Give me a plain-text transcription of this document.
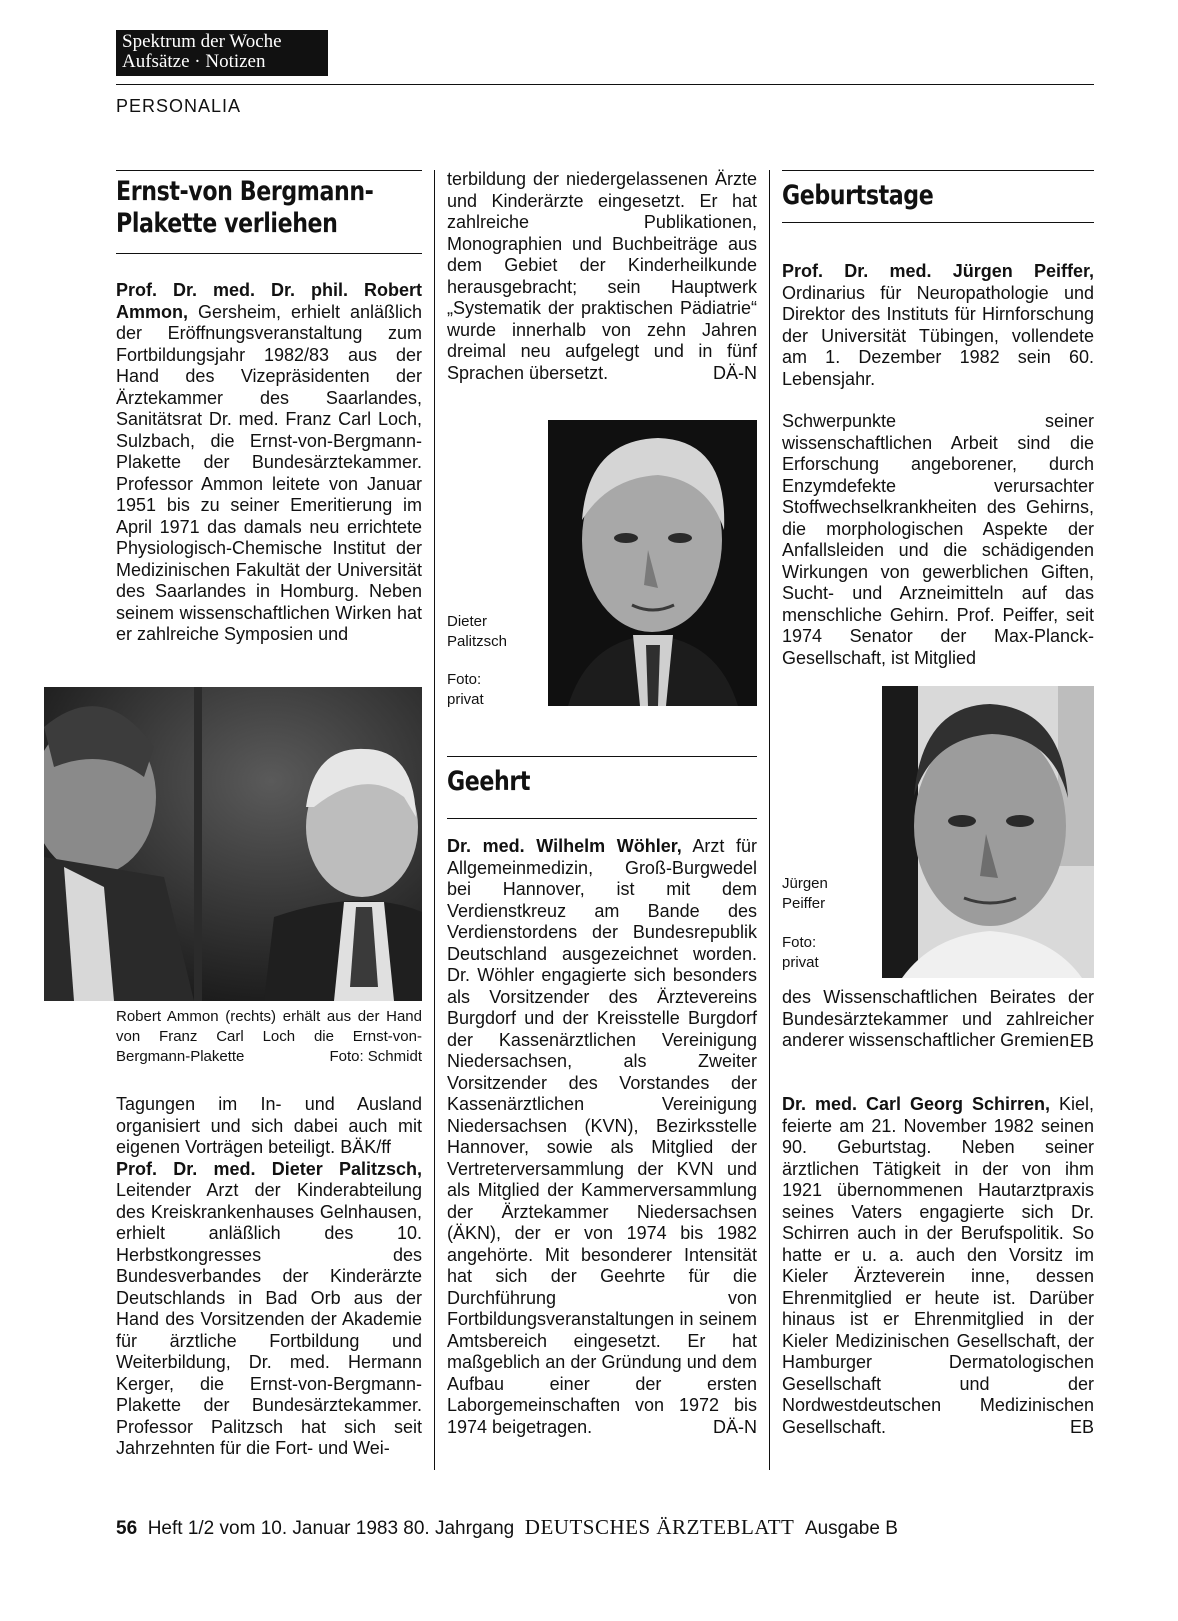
Spektrum der Woche
Aufsätze · Notizen
PERSONALIA
Ernst-von Bergmann-
Plakette verliehen

Prof. Dr. med. Dr. phil. Robert Ammon, Gersheim, erhielt anläßlich der Eröffnungsveranstaltung zum Fortbildungsjahr 1982/83 aus der Hand des Vizepräsidenten der Ärztekammer des Saarlandes, Sanitätsrat Dr. med. Franz Carl Loch, Sulzbach, die Ernst-von-Bergmann-Plakette der Bundesärztekammer. Professor Ammon leitete von Januar 1951 bis zu seiner Emeritierung im April 1971 das damals neu errichtete Physiologisch-Chemische Institut der Medizinischen Fakultät der Universität des Saarlandes in Homburg. Neben seinem wissenschaftlichen Wirken hat er zahlreiche Symposien und

Robert Ammon (rechts) erhält aus der Hand von Franz Carl Loch die Ernst-von-Bergmann-Plakette	Foto: Schmidt

Tagungen im In- und Ausland organisiert und sich dabei auch mit eigenen Vorträgen beteiligt. BÄK/ff

Prof. Dr. med. Dieter Palitzsch, Leitender Arzt der Kinderabteilung des Kreiskrankenhauses Gelnhausen, erhielt anläßlich des 10. Herbstkongresses des Bundesverbandes der Kinderärzte Deutschlands in Bad Orb aus der Hand des Vorsitzenden der Akademie für ärztliche Fortbildung und Weiterbildung, Dr. med. Hermann Kerger, die Ernst-von-Bergmann-Plakette der Bundesärztekammer. Professor Palitzsch hat sich seit Jahrzehnten für die Fort- und Wei-

terbildung der niedergelassenen Ärzte und Kinderärzte eingesetzt. Er hat zahlreiche Publikationen, Monographien und Buchbeiträge aus dem Gebiet der Kinderheilkunde herausgebracht; sein Hauptwerk „Systematik der praktischen Pädiatrie“ wurde innerhalb von zehn Jahren dreimal neu aufgelegt und in fünf Sprachen übersetzt.	DÄ-N

Dieter
Palitzsch
Foto:
privat
Geehrt

Dr. med. Wilhelm Wöhler, Arzt für Allgemeinmedizin, Groß-Burgwedel bei Hannover, ist mit dem Verdienstkreuz am Bande des Verdienstordens der Bundesrepublik Deutschland ausgezeichnet worden. Dr. Wöhler engagierte sich besonders als Vorsitzender des Ärztevereins Burgdorf und der Kreisstelle Burgdorf der Kassenärztlichen Vereinigung Niedersachsen, als Zweiter Vorsitzender des Vorstandes der Kassenärztlichen Vereinigung Niedersachsen (KVN), Bezirksstelle Hannover, sowie als Mitglied der Vertreterversammlung der KVN und als Mitglied der Kammerversammlung der Ärztekammer Niedersachsen (ÄKN), der er von 1974 bis 1982 angehörte. Mit besonderer Intensität hat sich der Geehrte für die Durchführung von Fortbildungsveranstaltungen in seinem Amtsbereich eingesetzt. Er hat maßgeblich an der Gründung und dem Aufbau einer der ersten Laborgemeinschaften von 1972 bis 1974 beigetragen.	DÄ-N

Geburtstage

Prof. Dr. med. Jürgen Peiffer, Ordinarius für Neuropathologie und Direktor des Instituts für Hirnforschung der Universität Tübingen, vollendete am 1. Dezember 1982 sein 60. Lebensjahr.

Schwerpunkte seiner wissenschaftlichen Arbeit sind die Erforschung angeborener, durch Enzymdefekte verursachter Stoffwechselkrankheiten des Gehirns, die morphologischen Aspekte der Anfallsleiden und die schädigenden Wirkungen von gewerblichen Giften, Sucht- und Arzneimitteln auf das menschliche Gehirn. Prof. Peiffer, seit 1974 Senator der Max-Planck-Gesellschaft, ist Mitglied

Jürgen
Peiffer
Foto:
privat

des Wissenschaftlichen Beirates der Bundesärztekammer und zahlreicher anderer wissenschaftlicher Gremien.
EB

Dr. med. Carl Georg Schirren, Kiel, feierte am 21. November 1982 seinen 90. Geburtstag. Neben seiner ärztlichen Tätigkeit in der von ihm 1921 übernommenen Hautarztpraxis seines Vaters engagierte sich Dr. Schirren auch in der Berufspolitik. So hatte er u. a. auch den Vorsitz im Kieler Ärzteverein inne, dessen Ehrenmitglied er heute ist. Darüber hinaus ist er Ehrenmitglied in der Kieler Medizinischen Gesellschaft, der Hamburger Dermatologischen Gesellschaft und der Nordwestdeutschen Medizinischen Gesellschaft.	EB

56 Heft 1/2 vom 10. Januar 1983 80. Jahrgang DEUTSCHES ÄRZTEBLATT Ausgabe B
